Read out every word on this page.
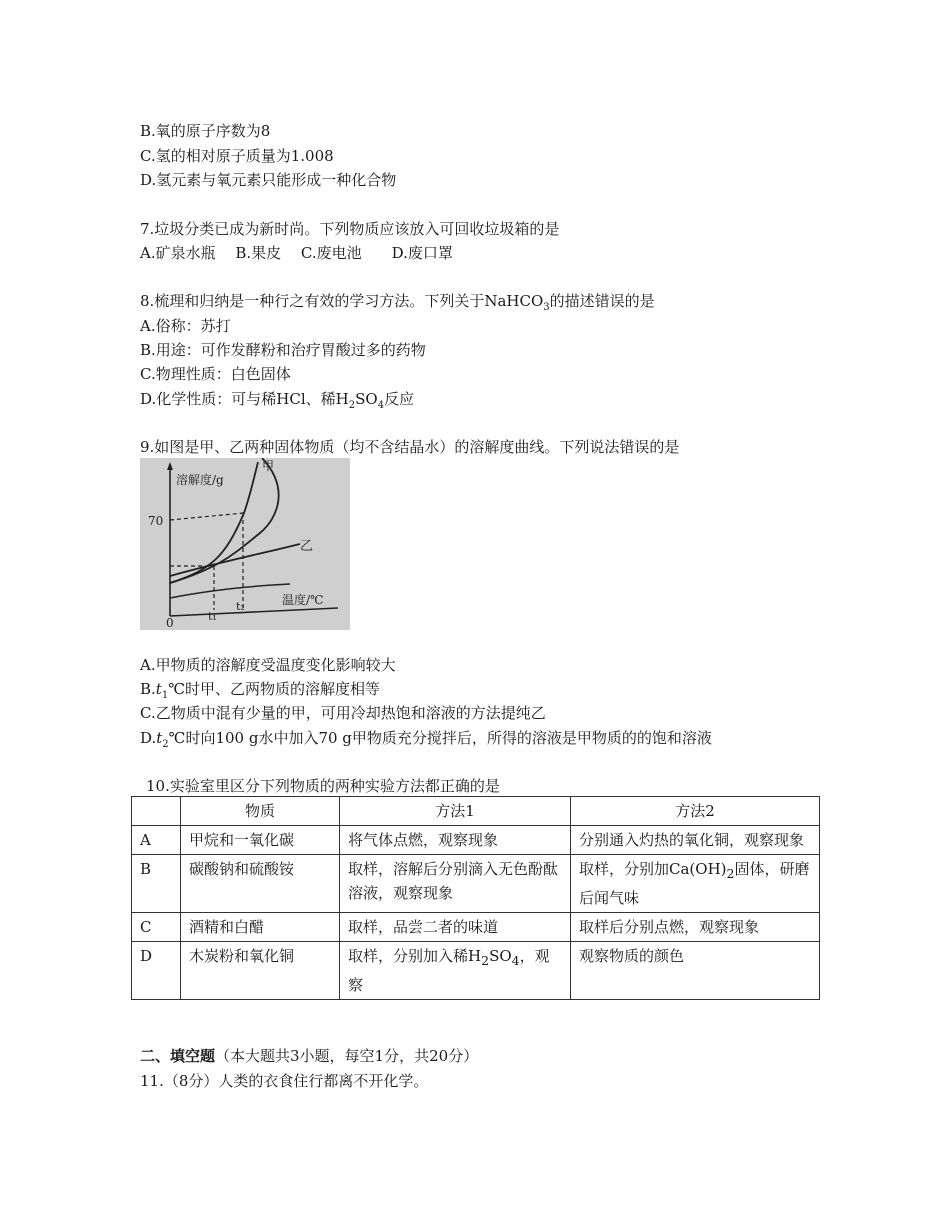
B.氧的原子序数为8
C.氢的相对原子质量为1.008
D.氢元素与氧元素只能形成一种化合物
7.垃圾分类已成为新时尚。下列物质应该放入可回收垃圾箱的是
A.矿泉水瓶　 B.果皮　 C.废电池　　D.废口罩
8.梳理和归纳是一种行之有效的学习方法。下列关于NaHCO$_3$的描述错误的是
A.俗称：苏打
B.用途：可作发酵粉和治疗胃酸过多的药物
C.物理性质：白色固体
D.化学性质：可与稀HCl、稀$H_2SO_4$反应
9.如图是甲、乙两种固体物质（均不含结晶水）的溶解度曲线。下列说法错误的是
溶解度/g
甲
乙
70
0	t₁
t₂	温度/℃
A.甲物质的溶解度受温度变化影响较大
$B.t_1℃$时甲、乙两物质的溶解度相等
C.乙物质中混有少量的甲，可用冷却热饱和溶液的方法提纯乙
$D.t_2℃$时向100 g水中加入70 g甲物质充分搅拌后，所得的溶液是甲物质的的饱和溶液
10.实验室里区分下列物质的两种实验方法都正确的是
	物质	方法1	方法2
A	甲烷和一氧化碳	将气体点燃，观察现象	分别通入灼热的氧化铜，观察现象
B	碳酸钠和硫酸铵	取样，溶解后分别滴入无色酚酞溶液，观察现象	取样，分别加$Ca(OH)_2$固体，研磨后闻气味
C	酒精和白醋	取样，品尝二者的味道	取样后分别点燃，观察现象
D	木炭粉和氧化铜	取样，分别加入稀$H_2SO_4$，观察	观察物质的颜色
二、填空题（本大题共3小题，每空1分，共20分）
11.（8分）人类的衣食住行都离不开化学。
